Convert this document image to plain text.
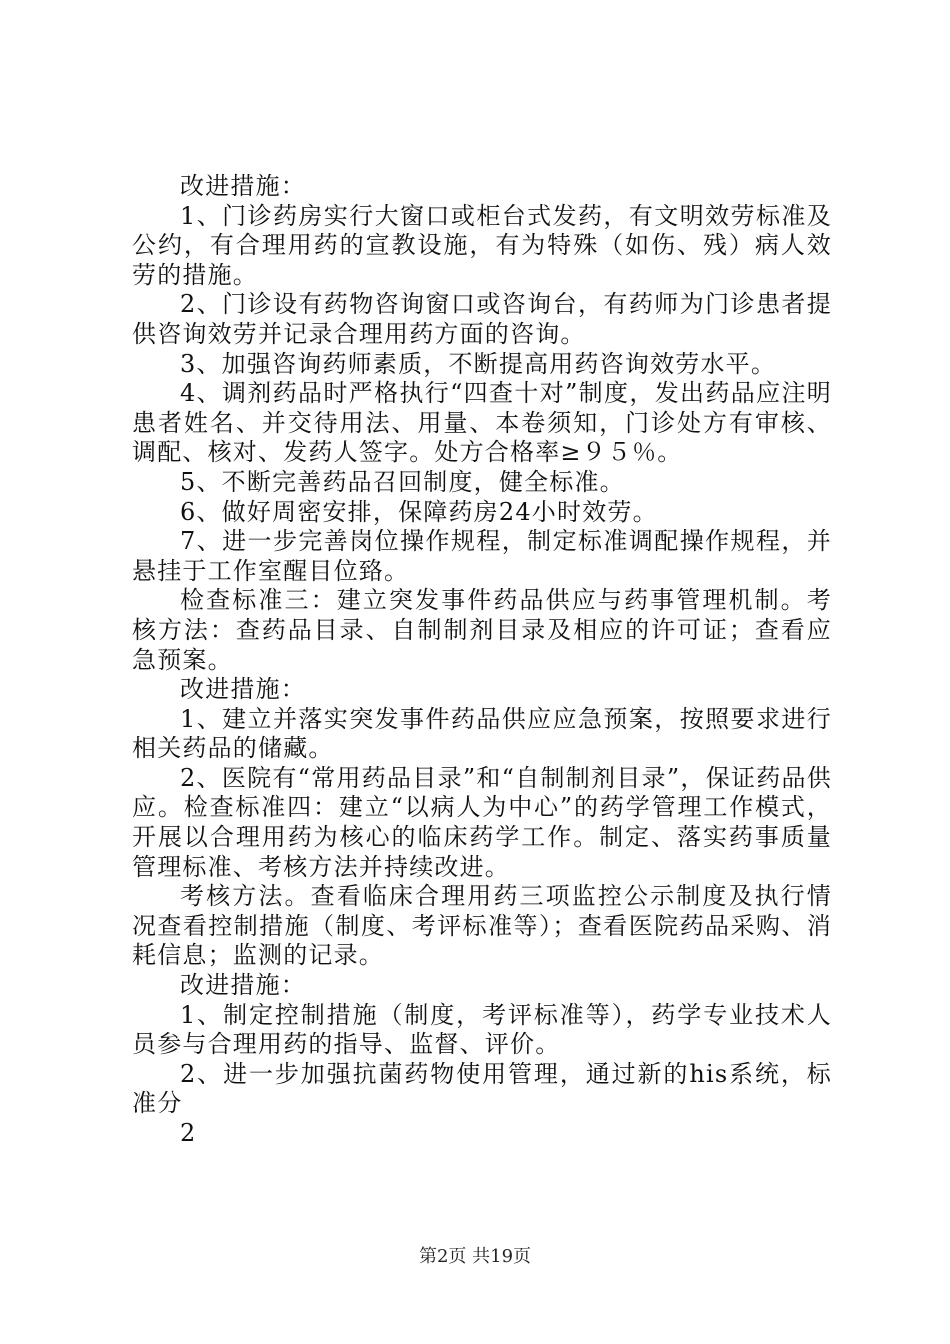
改进措施：

1、门诊药房实行大窗口或柜台式发药，有文明效劳标准及公约，有合理用药的宣教设施，有为特殊（如伤、残）病人效劳的措施。

2、门诊设有药物咨询窗口或咨询台，有药师为门诊患者提供咨询效劳并记录合理用药方面的咨询。

3、加强咨询药师素质，不断提高用药咨询效劳水平。

4、调剂药品时严格执行“四查十对”制度，发出药品应注明患者姓名、并交待用法、用量、本卷须知，门诊处方有审核、调配、核对、发药人签字。处方合格率≥９５％。

5、不断完善药品召回制度，健全标准。

6、做好周密安排，保障药房24小时效劳。

7、进一步完善岗位操作规程，制定标准调配操作规程，并悬挂于工作室醒目位臵。

检查标准三：建立突发事件药品供应与药事管理机制。考核方法：查药品目录、自制制剂目录及相应的许可证；查看应急预案。

改进措施：

1、建立并落实突发事件药品供应应急预案，按照要求进行相关药品的储藏。

2、医院有“常用药品目录”和“自制制剂目录”，保证药品供应。检查标准四：建立“以病人为中心”的药学管理工作模式，开展以合理用药为核心的临床药学工作。制定、落实药事质量管理标准、考核方法并持续改进。

考核方法。查看临床合理用药三项监控公示制度及执行情况查看控制措施（制度、考评标准等）；查看医院药品采购、消耗信息；监测的记录。

改进措施：

1、制定控制措施（制度，考评标准等），药学专业技术人员参与合理用药的指导、监督、评价。

2、进一步加强抗菌药物使用管理，通过新的his系统，标准分

2

第2页 共19页
